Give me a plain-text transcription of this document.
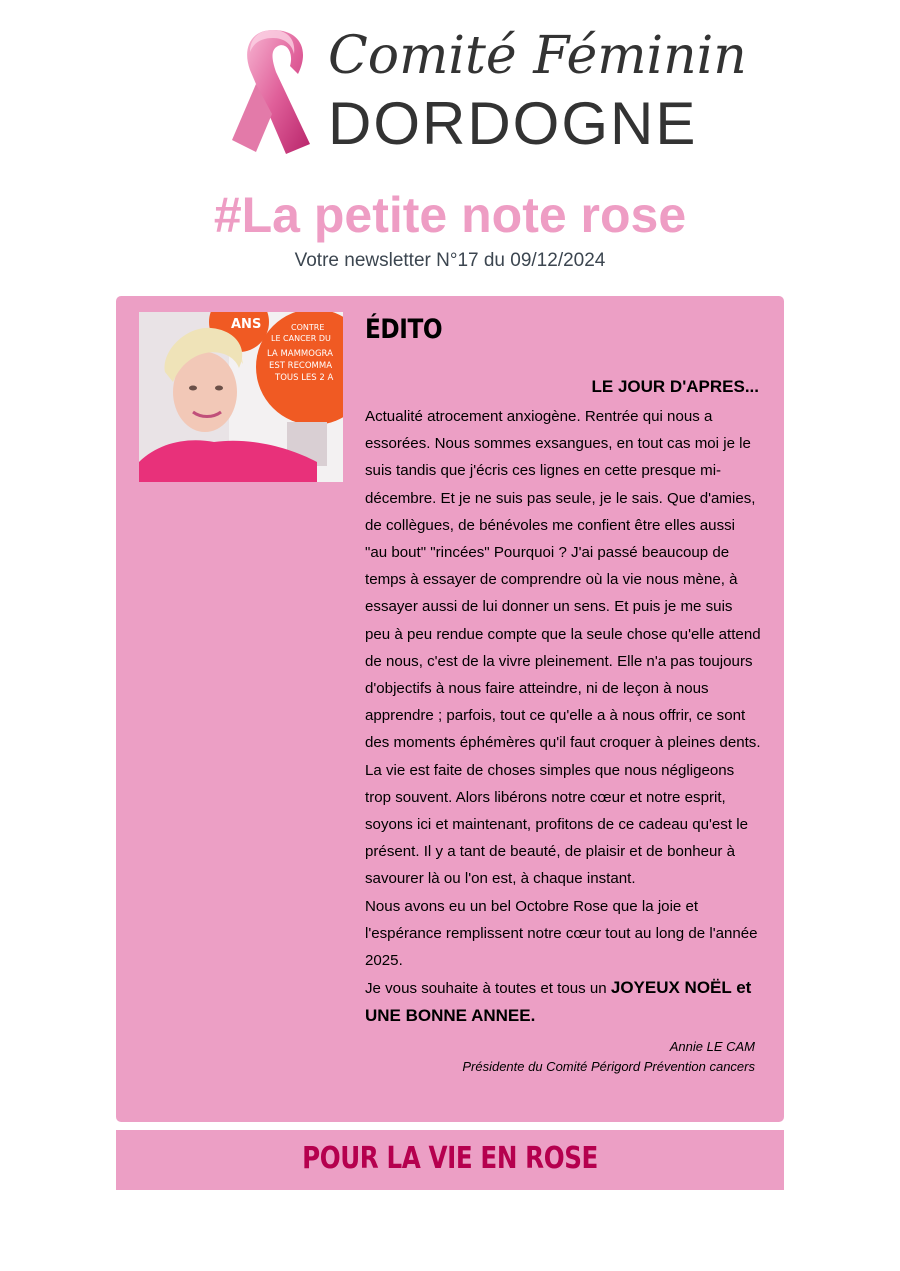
Comité Féminin
DORDOGNE
#La petite note rose
Votre newsletter N°17 du 09/12/2024
ANS	CONTRE
LE CANCER DU
LA MAMMOGRA
EST RECOMMA
TOUS LES 2 A
ÉDITO
LE JOUR D'APRES...

Actualité atrocement anxiogène. Rentrée qui nous a essorées. Nous sommes exsangues, en tout cas moi je le suis tandis que j'écris ces lignes en cette presque mi-décembre. Et je ne suis pas seule, je le sais. Que d'amies, de collègues, de bénévoles me confient être elles aussi "au bout" "rincées" Pourquoi ? J'ai passé beaucoup de temps à essayer de comprendre où la vie nous mène, à essayer aussi de lui donner un sens. Et puis je me suis peu à peu rendue compte que la seule chose qu'elle attend de nous, c'est de la vivre pleinement. Elle n'a pas toujours d'objectifs à nous faire atteindre, ni de leçon à nous apprendre ; parfois, tout ce qu'elle a à nous offrir, ce sont des moments éphémères qu'il faut croquer à pleines dents. La vie est faite de choses simples que nous négligeons trop souvent. Alors libérons notre cœur et notre esprit, soyons ici et maintenant, profitons de ce cadeau qu'est le présent. Il y a tant de beauté, de plaisir et de bonheur à savourer là ou l'on est, à chaque instant.

Nous avons eu un bel Octobre Rose que la joie et l'espérance remplissent notre cœur tout au long de l'année 2025.

Je vous souhaite à toutes et tous un JOYEUX NOËL et UNE BONNE ANNEE.

Annie LE CAM
Présidente du Comité Périgord Prévention cancers
POUR LA VIE EN ROSE
